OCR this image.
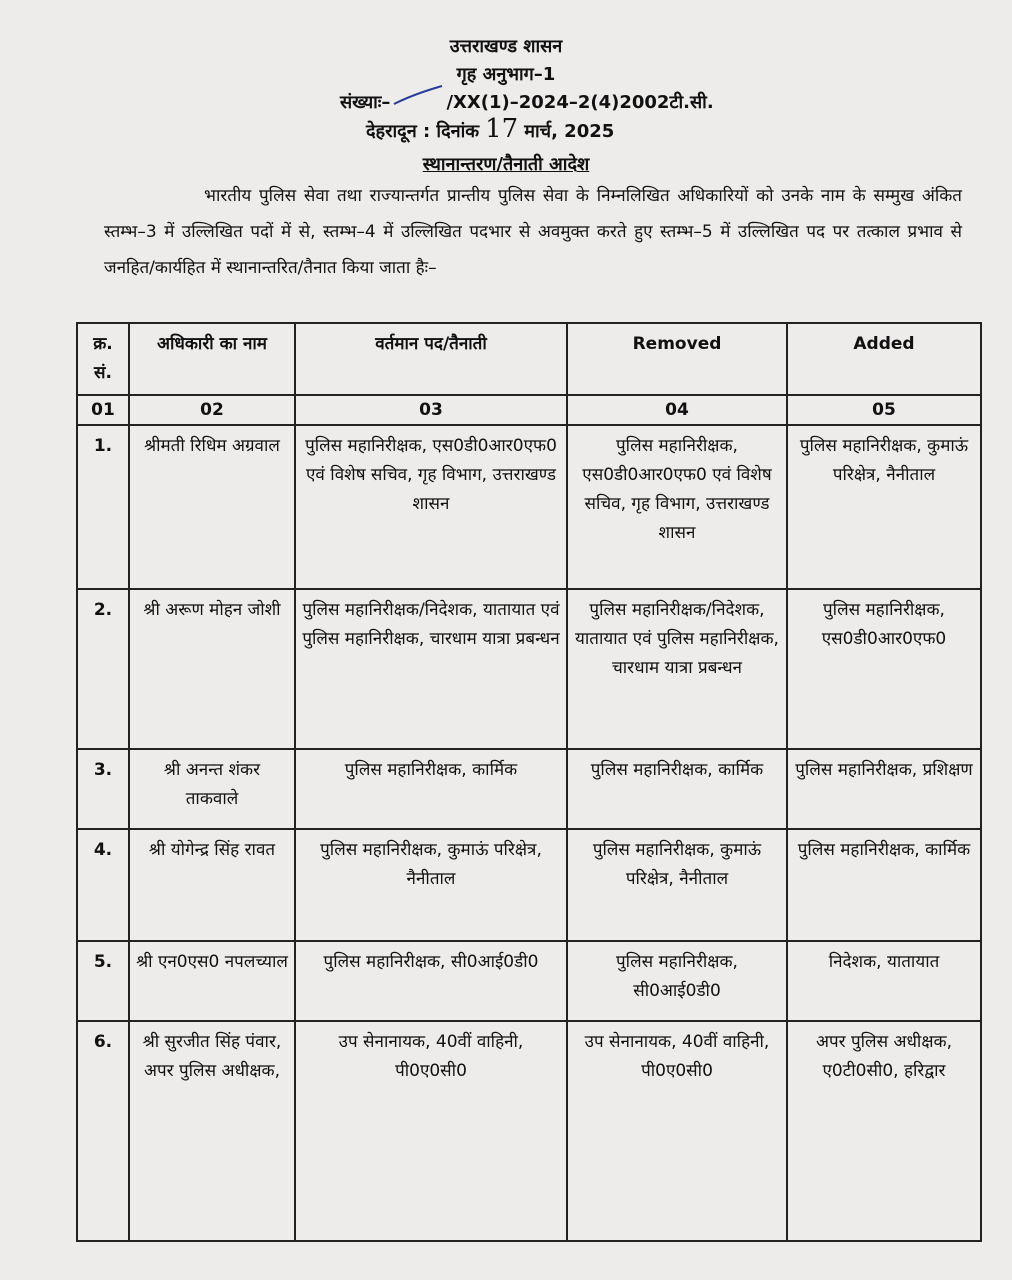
उत्तराखण्ड शासन
गृह अनुभाग–1
संख्याः–	/XX(1)–2024–2(4)2002टी.सी.
देहरादून : दिनांक 17 मार्च, 2025
स्थानान्तरण/तैनाती आदेश
भारतीय पुलिस सेवा तथा राज्यान्तर्गत प्रान्तीय पुलिस सेवा के निम्नलिखित अधिकारियों को उनके नाम के सम्मुख अंकित स्तम्भ–3 में उल्लिखित पदों में से, स्तम्भ–4 में उल्लिखित पदभार से अवमुक्त करते हुए स्तम्भ–5 में उल्लिखित पद पर तत्काल प्रभाव से जनहित/कार्यहित में स्थानान्तरित/तैनात किया जाता हैः–
क्र. सं.	अधिकारी का नाम	वर्तमान पद/तैनाती	Removed	Added
01	02	03	04	05
1.	श्रीमती रिधिम अग्रवाल	पुलिस महानिरीक्षक, एस0डी0आर0एफ0 एवं विशेष सचिव, गृह विभाग, उत्तराखण्ड शासन	पुलिस महानिरीक्षक, एस0डी0आर0एफ0 एवं विशेष सचिव, गृह विभाग, उत्तराखण्ड शासन	पुलिस महानिरीक्षक, कुमाऊं परिक्षेत्र, नैनीताल
2.	श्री अरूण मोहन जोशी	पुलिस महानिरीक्षक/निदेशक, यातायात एवं पुलिस महानिरीक्षक, चारधाम यात्रा प्रबन्धन	पुलिस महानिरीक्षक/निदेशक, यातायात एवं पुलिस महानिरीक्षक, चारधाम यात्रा प्रबन्धन	पुलिस महानिरीक्षक, एस0डी0आर0एफ0
3.	श्री अनन्त शंकर ताकवाले	पुलिस महानिरीक्षक, कार्मिक	पुलिस महानिरीक्षक, कार्मिक	पुलिस महानिरीक्षक, प्रशिक्षण
4.	श्री योगेन्द्र सिंह रावत	पुलिस महानिरीक्षक, कुमाऊं परिक्षेत्र, नैनीताल	पुलिस महानिरीक्षक, कुमाऊं परिक्षेत्र, नैनीताल	पुलिस महानिरीक्षक, कार्मिक
5.	श्री एन0एस0 नपलच्याल	पुलिस महानिरीक्षक, सी0आई0डी0	पुलिस महानिरीक्षक, सी0आई0डी0	निदेशक, यातायात
6.	श्री सुरजीत सिंह पंवार, अपर पुलिस अधीक्षक,	उप सेनानायक, 40वीं वाहिनी, पी0ए0सी0	उप सेनानायक, 40वीं वाहिनी, पी0ए0सी0	अपर पुलिस अधीक्षक, ए0टी0सी0, हरिद्वार
